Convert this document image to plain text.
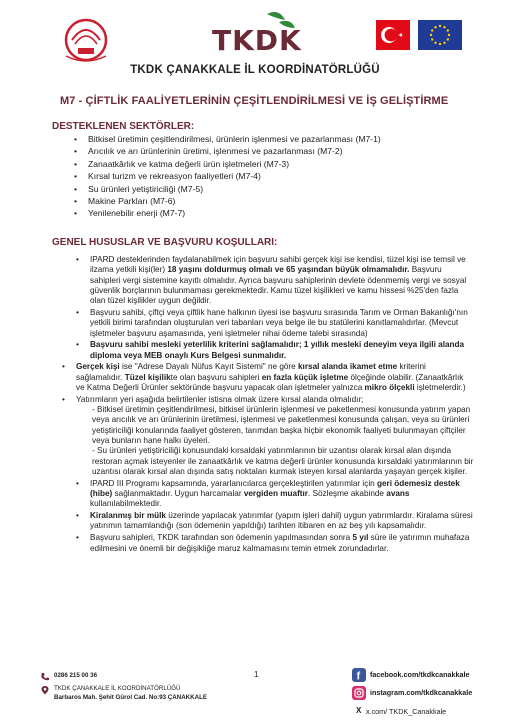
TKDK
TKDK ÇANAKKALE İL KOORDİNATÖRLÜĞÜ
M7 - ÇİFTLİK FAALİYETLERİNİN ÇEŞİTLENDİRİLMESİ VE İŞ GELİŞTİRME
DESTEKLENEN SEKTÖRLER:
• Bitkisel üretimin çeşitlendirilmesi, ürünlerin işlenmesi ve pazarlanması (M7-1)
• Arıcılık ve arı ürünlerinin üretimi, işlenmesi ve pazarlanması (M7-2)
• Zanaatkârlık ve katma değerli ürün işletmeleri (M7-3)
• Kırsal turizm ve rekreasyon faaliyetleri (M7-4)
• Su ürünleri yetiştiriciliği (M7-5)
• Makine Parkları (M7-6)
• Yenilenebilir enerji (M7-7)
GENEL HUSUSLAR VE BAŞVURU KOŞULLARI:
• IPARD desteklerinden faydalanabilmek için başvuru sahibi gerçek kişi ise kendisi, tüzel kişi ise temsil ve ilzama yetkili kişi(ler) 18 yaşını doldurmuş olmalı ve 65 yaşından büyük olmamalıdır. Başvuru sahipleri vergi sistemine kayıtlı olmalıdır. Ayrıca başvuru sahiplerinin devlete ödenmemiş vergi ve sosyal güvenlik borçlarının bulunmaması gerekmektedir. Kamu tüzel kişilikleri ve kamu hissesi %25'den fazla olan tüzel kişilikler uygun değildir.
• Başvuru sahibi, çiftçi veya çiftlik hane halkının üyesi ise başvuru sırasında Tarım ve Orman Bakanlığı'nın yetkili birimi tarafından oluşturulan veri tabanları veya belge ile bu statülerini kanıtlamalıdırlar. (Mevcut işletmeler başvuru aşamasında, yeni işletmeler nihai ödeme talebi sırasında)
• Başvuru sahibi mesleki yeterlilik kriterini sağlamalıdır; 1 yıllık mesleki deneyim veya ilgili alanda diploma veya MEB onaylı Kurs Belgesi sunmalıdır.
• Gerçek kişi ise "Adrese Dayalı Nüfus Kayıt Sistemi" ne göre kırsal alanda ikamet etme kriterini sağlamalıdır. Tüzel kişilikte olan başvuru sahipleri en fazla küçük işletme ölçeğinde olabilir. (Zanaatkârlık ve Katma Değerli Ürünler sektöründe başvuru yapacak olan işletmeler yalnızca mikro ölçekli işletmelerdir.)
• Yatırımların yeri aşağıda belirtilenler istisna olmak üzere kırsal alanda olmalıdır;
- Bitkisel üretimin çeşitlendirilmesi, bitkisel ürünlerin işlenmesi ve paketlenmesi konusunda yatırım yapan veya arıcılık ve arı ürünlerinin üretilmesi, işlenmesi ve paketlenmesi konusunda çalışan, veya su ürünleri yetiştiriciliği konularında faaliyet gösteren, tarımdan başka hiçbir ekonomik faaliyeti bulunmayan çiftçiler veya bunların hane halkı üyeleri.
- Su ürünleri yetiştiriciliği konusundaki kırsaldaki yatırımlarının bir uzantısı olarak kırsal alan dışında restoran açmak isteyenler ile zanaatkârlık ve katma değerli ürünler konusunda kırsaldaki yatırımlarının bir uzantısı olarak kırsal alan dışında satış noktaları kurmak isteyen kırsal alanlarda yaşayan gerçek kişiler.
• IPARD III Programı kapsamında, yararlanıcılarca gerçekleştirilen yatırımlar için geri ödemesiz destek (hibe) sağlanmaktadır. Uygun harcamalar vergiden muaftır. Sözleşme akabinde avans kullanılabilmektedir.
• Kiralanmış bir mülk üzerinde yapılacak yatırımlar (yapım işleri dahil) uygun yatırımlardır. Kiralama süresi yatırımın tamamlandığı (son ödemenin yapıldığı) tarihten itibaren en az beş yılı kapsamalıdır.
• Başvuru sahipleri, TKDK tarafından son ödemenin yapılmasından sonra 5 yıl süre ile yatırımın muhafaza edilmesini ve önemli bir değişikliğe maruz kalmamasını temin etmek zorundadırlar.
0286 215 00 36
TKDK ÇANAKKALE İL KOORDİNATÖRLÜĞÜ
Barbaros Mah. Şehit Gürol Cad. No:93 ÇANAKKALE
1	f facebook.com/tkdkcanakkale
instagram.com/tkdkcanakkale
X x.com/ TKDK_Canakkale
